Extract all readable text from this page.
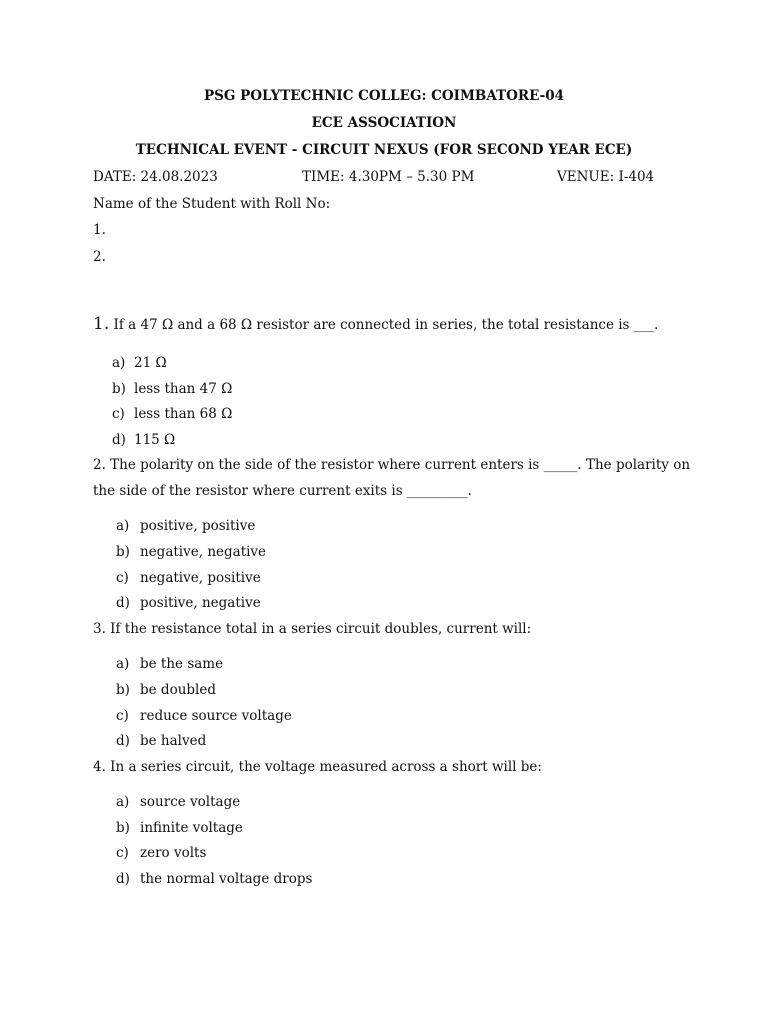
PSG POLYTECHNIC COLLEG: COIMBATORE-04
ECE ASSOCIATION
TECHNICAL EVENT - CIRCUIT NEXUS (FOR SECOND YEAR ECE)
DATE: 24.08.2023	TIME: 4.30PM – 5.30 PM	VENUE: I-404
Name of the Student with Roll No:
1.
2.
1. If a 47 Ω and a 68 Ω resistor are connected in series, the total resistance is ___.
a) 21 Ω
b) less than 47 Ω
c) less than 68 Ω
d) 115 Ω
2. The polarity on the side of the resistor where current enters is _____. The polarity on
the side of the resistor where current exits is _________.
a) positive, positive
b) negative, negative
c) negative, positive
d) positive, negative
3. If the resistance total in a series circuit doubles, current will:
a) be the same
b) be doubled
c) reduce source voltage
d) be halved
4. In a series circuit, the voltage measured across a short will be:
a) source voltage
b) infinite voltage
c) zero volts
d) the normal voltage drops
